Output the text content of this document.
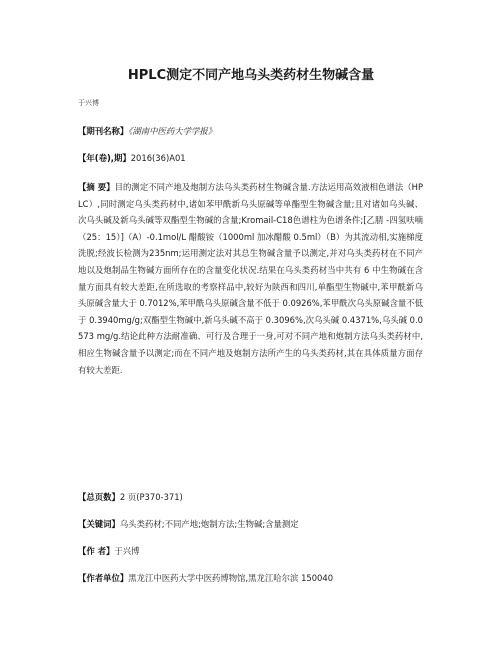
HPLC测定不同产地乌头类药材生物碱含量
于兴博
【期刊名称】《湖南中医药大学学报》
【年(卷),期】2016(36)A01
【摘 要】目的测定不同产地及炮制方法乌头类药材生物碱含量.方法运用高效液相色谱法（HPLC）,同时测定乌头类药材中,诸如苯甲酰新乌头原碱等单酯型生物碱含量;且对诸如乌头碱、次乌头碱及新乌头碱等双酯型生物碱的含量;Kromail-C18色谱柱为色谱条件;[乙腈 -四氢呋喃（25：15）]（A）-0.1mol/L 醋酸铵（1000ml 加冰醋酸 0.5ml）（B）为其流动相,实施梯度洗脱;经波长检测为235nm;运用测定法对其总生物碱含量予以测定,并对乌头类药材在不同产地以及炮制品生物碱方面所存在的含量变化状况.结果在乌头类药材当中共有 6 中生物碱在含量方面具有较大差距,在所选取的考察样品中,较好为陕西和四川,单酯型生物碱中,苯甲酰新乌头原碱含量大于 0.7012%,苯甲酰乌头原碱含量不低于 0.0926%,苯甲酰次乌头原碱含量不低于 0.3940mg/g;双酯型生物碱中,新乌头碱不高于 0.3096%,次乌头碱 0.4371%,乌头碱 0.0573 mg/g.结论此种方法耐准确、可行及合理于一身,可对不同产地和炮制方法乌头类药材中,相应生物碱含量予以测定;而在不同产地及炮制方法所产生的乌头类药材,其在具体质量方面存有较大差距.
【总页数】2 页(P370-371)
【关键词】乌头类药材;不同产地;炮制方法;生物碱;含量测定
【作 者】于兴博
【作者单位】黑龙江中医药大学中医药博物馆,黑龙江哈尔滨 150040
